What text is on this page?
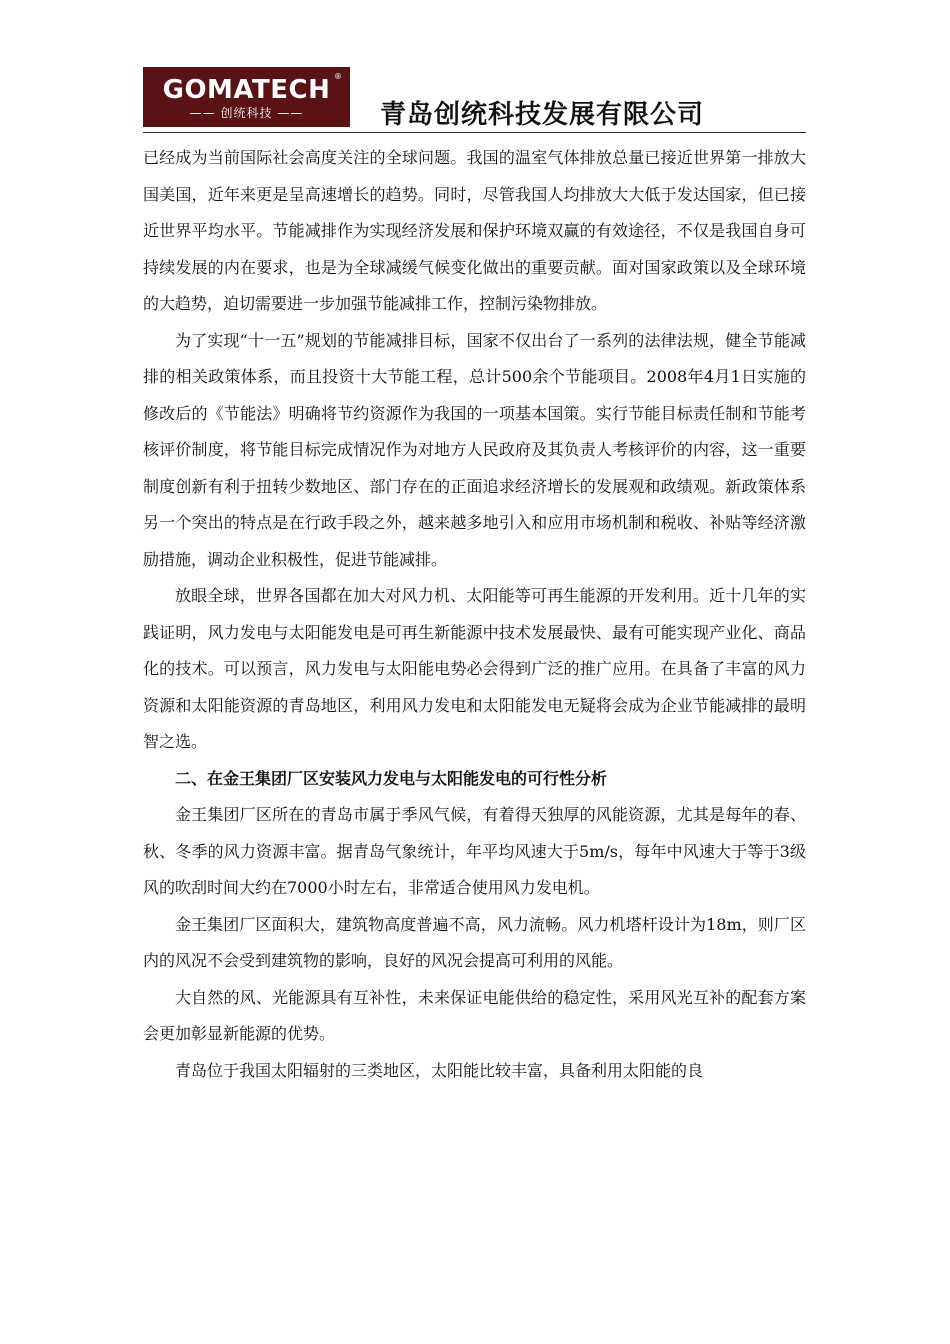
GOMATECH ®
—— 创统科技 ——	青岛创统科技发展有限公司

已经成为当前国际社会高度关注的全球问题。我国的温室气体排放总量已接近世界第一排放大国美国，近年来更是呈高速增长的趋势。同时，尽管我国人均排放大大低于发达国家，但已接近世界平均水平。节能减排作为实现经济发展和保护环境双赢的有效途径，不仅是我国自身可持续发展的内在要求，也是为全球减缓气候变化做出的重要贡献。面对国家政策以及全球环境的大趋势，迫切需要进一步加强节能减排工作，控制污染物排放。

为了实现“十一五”规划的节能减排目标，国家不仅出台了一系列的法律法规，健全节能减排的相关政策体系，而且投资十大节能工程，总计500余个节能项目。2008年4月1日实施的修改后的《节能法》明确将节约资源作为我国的一项基本国策。实行节能目标责任制和节能考核评价制度，将节能目标完成情况作为对地方人民政府及其负责人考核评价的内容，这一重要制度创新有利于扭转少数地区、部门存在的正面追求经济增长的发展观和政绩观。新政策体系另一个突出的特点是在行政手段之外，越来越多地引入和应用市场机制和税收、补贴等经济激励措施，调动企业积极性，促进节能减排。

放眼全球，世界各国都在加大对风力机、太阳能等可再生能源的开发利用。近十几年的实践证明，风力发电与太阳能发电是可再生新能源中技术发展最快、最有可能实现产业化、商品化的技术。可以预言，风力发电与太阳能电势必会得到广泛的推广应用。在具备了丰富的风力资源和太阳能资源的青岛地区，利用风力发电和太阳能发电无疑将会成为企业节能减排的最明智之选。

二、在金王集团厂区安装风力发电与太阳能发电的可行性分析

金王集团厂区所在的青岛市属于季风气候，有着得天独厚的风能资源，尤其是每年的春、秋、冬季的风力资源丰富。据青岛气象统计，年平均风速大于5m/s，每年中风速大于等于3级风的吹刮时间大约在7000小时左右，非常适合使用风力发电机。

金王集团厂区面积大，建筑物高度普遍不高，风力流畅。风力机塔杆设计为18m，则厂区内的风况不会受到建筑物的影响，良好的风况会提高可利用的风能。

大自然的风、光能源具有互补性，未来保证电能供给的稳定性，采用风光互补的配套方案会更加彰显新能源的优势。

青岛位于我国太阳辐射的三类地区，太阳能比较丰富，具备利用太阳能的良
